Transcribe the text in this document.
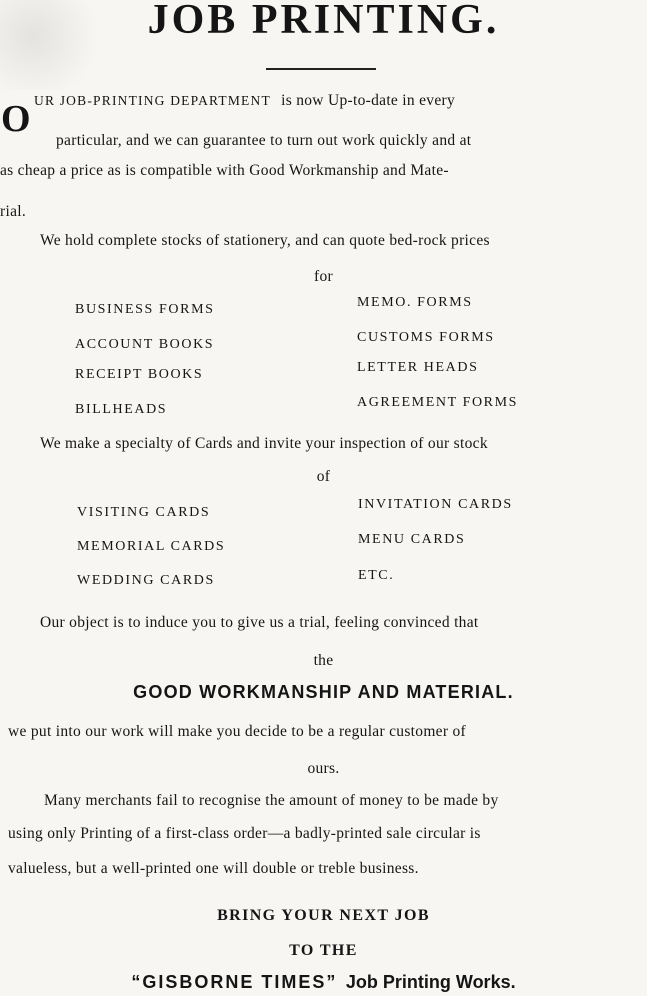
JOB PRINTING.
O UR JOB-PRINTING DEPARTMENT is now Up-to-date in every
particular, and we can guarantee to turn out work quickly and at
as cheap a price as is compatible with Good Workmanship and Mate-
rial.
We hold complete stocks of stationery, and can quote bed-rock prices
for
BUSINESS FORMS
ACCOUNT BOOKS
RECEIPT BOOKS
BILLHEADS
MEMO. FORMS
CUSTOMS FORMS
LETTER HEADS
AGREEMENT FORMS
We make a specialty of Cards and invite your inspection of our stock
of
VISITING CARDS
MEMORIAL CARDS
WEDDING CARDS
INVITATION CARDS
MENU CARDS
ETC.
Our object is to induce you to give us a trial, feeling convinced that
the
GOOD WORKMANSHIP AND MATERIAL.
we put into our work will make you decide to be a regular customer of
ours.
Many merchants fail to recognise the amount of money to be made by
using only Printing of a first-class order—a badly-printed sale circular is
valueless, but a well-printed one will double or treble business.
BRING YOUR NEXT JOB
TO THE
“GISBORNE TIMES” Job Printing Works.
